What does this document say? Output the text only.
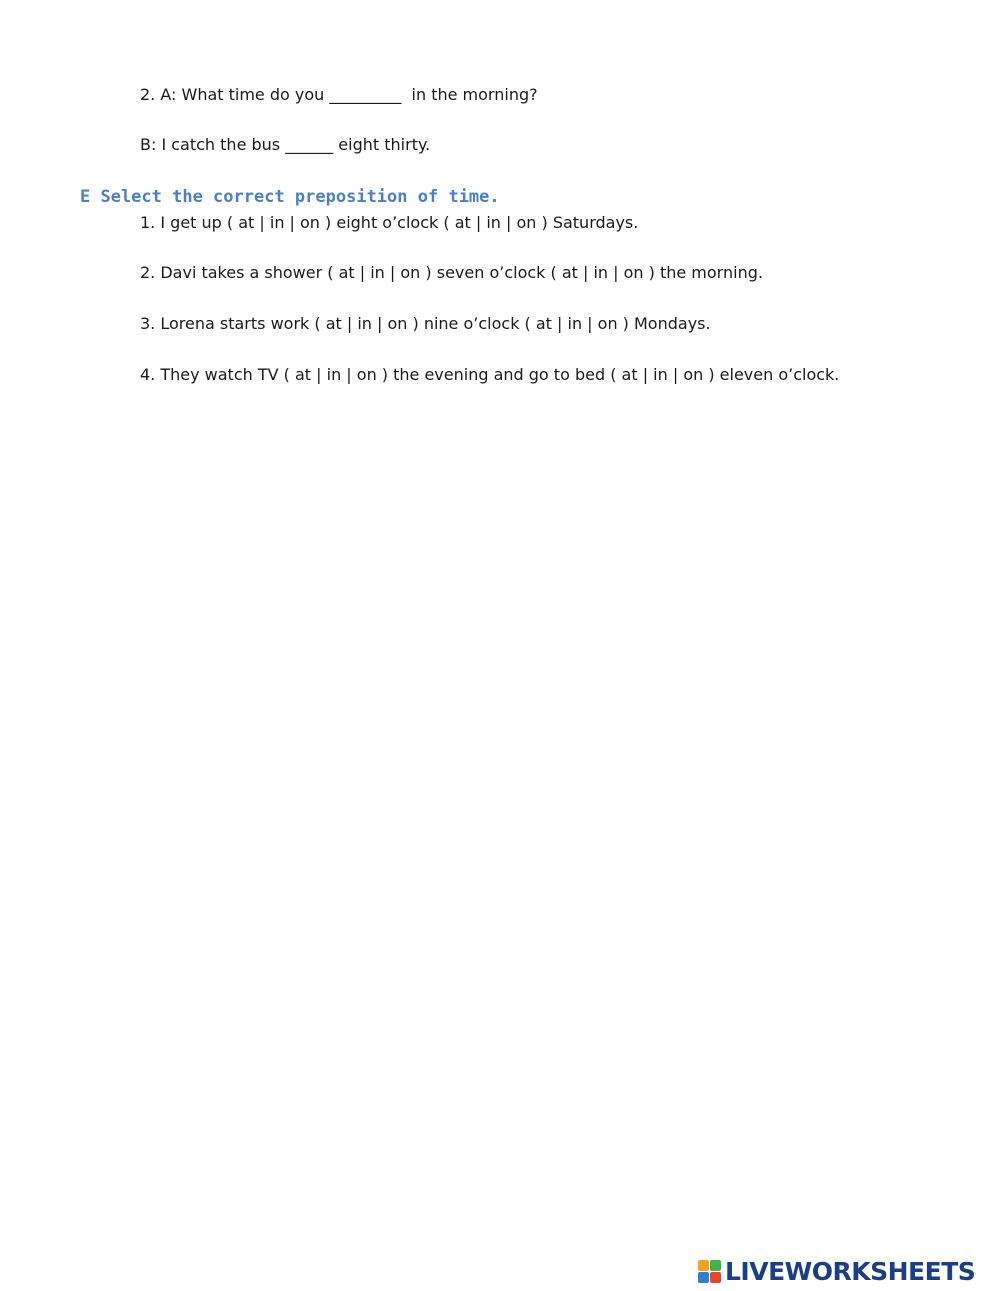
2. A: What time do you _________  in the morning?
B: I catch the bus ______ eight thirty.
E Select the correct preposition of time.
1. I get up ( at | in | on ) eight o’clock ( at | in | on ) Saturdays.
2. Davi takes a shower ( at | in | on ) seven o’clock ( at | in | on ) the morning.
3. Lorena starts work ( at | in | on ) nine o’clock ( at | in | on ) Mondays.
4. They watch TV ( at | in | on ) the evening and go to bed ( at | in | on ) eleven o’clock.
LIVEWORKSHEETS
